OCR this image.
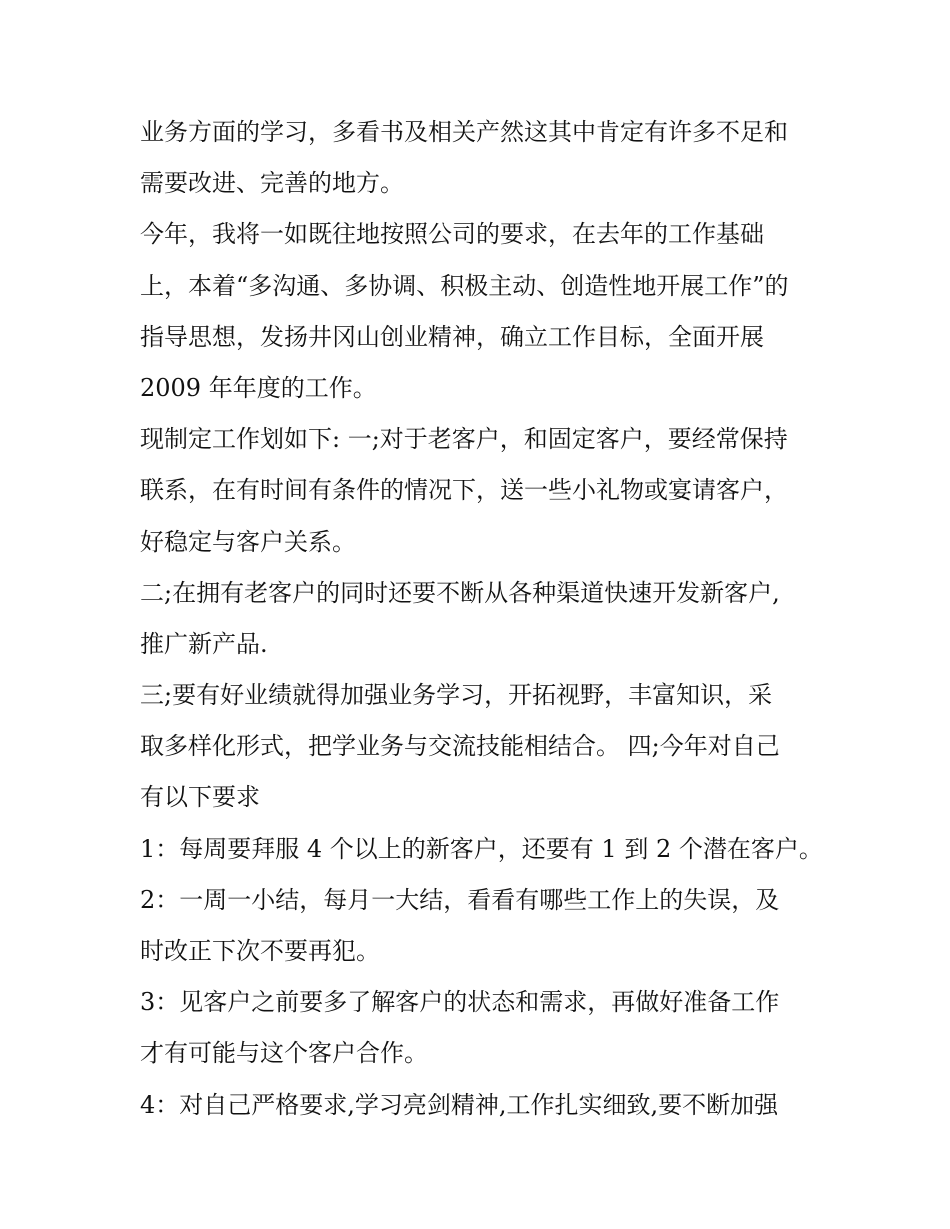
业务方面的学习，多看书及相关产然这其中肯定有许多不足和
需要改进、完善的地方。
今年，我将一如既往地按照公司的要求，在去年的工作基础
上，本着“多沟通、多协调、积极主动、创造性地开展工作”的
指导思想，发扬井冈山创业精神，确立工作目标，全面开展
2009 年年度的工作。
现制定工作划如下: 一;对于老客户，和固定客户，要经常保持
联系，在有时间有条件的情况下，送一些小礼物或宴请客户，
好稳定与客户关系。
二;在拥有老客户的同时还要不断从各种渠道快速开发新客户,
推广新产品.
三;要有好业绩就得加强业务学习，开拓视野，丰富知识，采
取多样化形式，把学业务与交流技能相结合。 四;今年对自己
有以下要求
1：每周要拜服 4 个以上的新客户，还要有 1 到 2 个潜在客户。
2：一周一小结，每月一大结，看看有哪些工作上的失误，及
时改正下次不要再犯。
3：见客户之前要多了解客户的状态和需求，再做好准备工作
才有可能与这个客户合作。
4：对自己严格要求,学习亮剑精神,工作扎实细致,要不断加强
